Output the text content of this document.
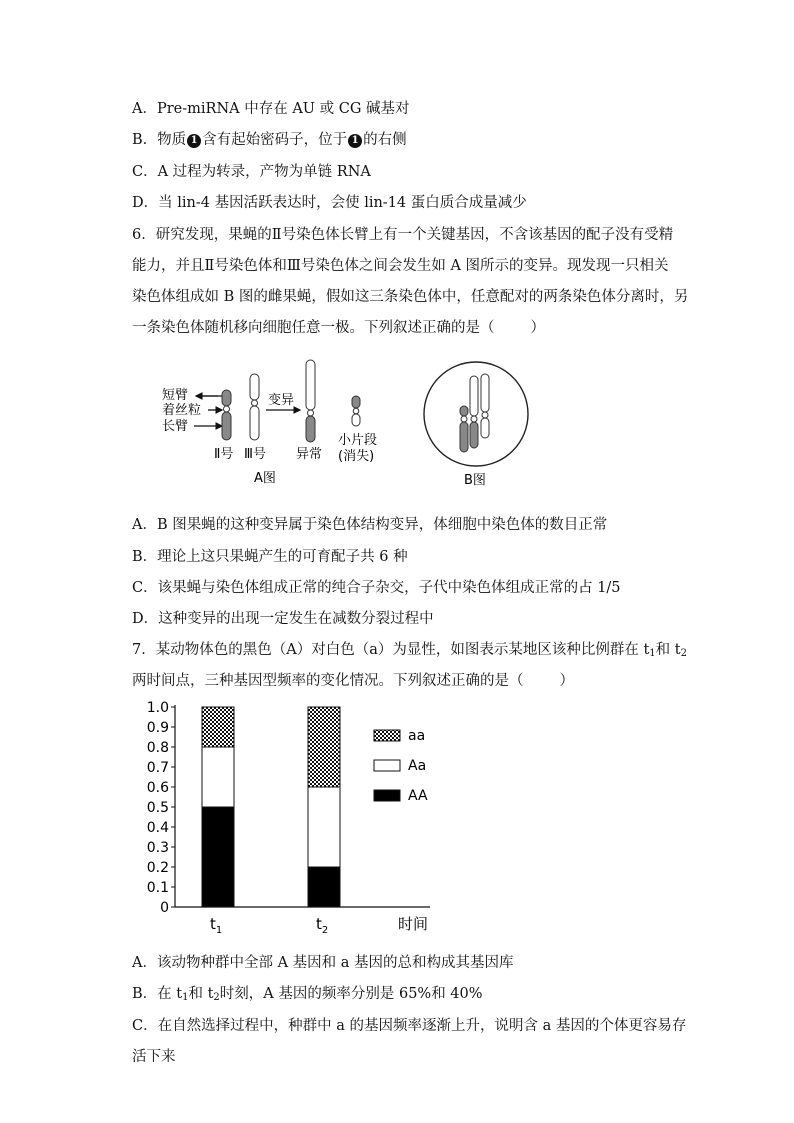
A．Pre-miRNA 中存在 AU 或 CG 碱基对
B．物质 1 含有起始密码子，位于 1 的右侧
C．A 过程为转录，产物为单链 RNA
D．当 lin-4 基因活跃表达时，会使 lin-14 蛋白质合成量减少
6．研究发现，果蝇的Ⅱ号染色体长臂上有一个关键基因，不含该基因的配子没有受精
能力，并且Ⅱ号染色体和Ⅲ号染色体之间会发生如 A 图所示的变异。现发现一只相关
染色体组成如 B 图的雌果蝇，假如这三条染色体中，任意配对的两条染色体分离时，另
一条染色体随机移向细胞任意一极。下列叙述正确的是（ ）
短臂
着丝粒
长臂
Ⅱ号 Ⅲ号
变异
异常
小片段
(消失)
A图	B图
A．B 图果蝇的这种变异属于染色体结构变异，体细胞中染色体的数目正常
B．理论上这只果蝇产生的可育配子共 6 种
C．该果蝇与染色体组成正常的纯合子杂交，子代中染色体组成正常的占 1/5
D．这种变异的出现一定发生在减数分裂过程中
7．某动物体色的黑色（A）对白色（a）为显性，如图表示某地区该种比例群在 $t_1$和 $t_2$
两时间点，三种基因型频率的变化情况。下列叙述正确的是（ ）
0
0.1
0.2
0.3
0.4
0.5
0.6
0.7
0.8
0.9
1.0
$t_1$	$t_2$	时间
aa
Aa
AA
A．该动物种群中全部 A 基因和 a 基因的总和构成其基因库
B．在 $t_1$和 $t_2$时刻，A 基因的频率分别是 65%和 40%
C．在自然选择过程中，种群中 a 的基因频率逐渐上升，说明含 a 基因的个体更容易存
活下来
